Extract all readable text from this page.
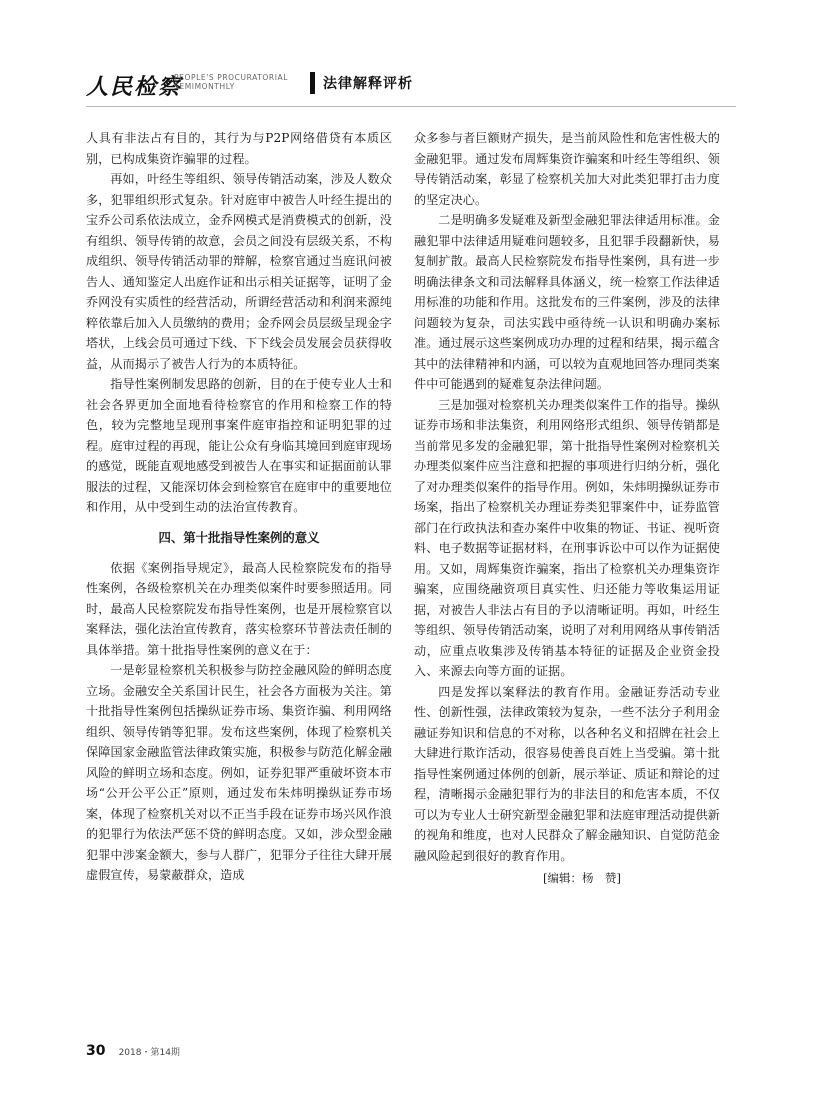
人民检察
PEOPLE'S PROCURATORIAL
SEMIMONTHLY	法律解释评析

人具有非法占有目的，其行为与P2P网络借贷有本质区别，已构成集资诈骗罪的过程。

再如，叶经生等组织、领导传销活动案，涉及人数众多，犯罪组织形式复杂。针对庭审中被告人叶经生提出的宝乔公司系依法成立，金乔网模式是消费模式的创新，没有组织、领导传销的故意，会员之间没有层级关系，不构成组织、领导传销活动罪的辩解，检察官通过当庭讯问被告人、通知鉴定人出庭作证和出示相关证据等，证明了金乔网没有实质性的经营活动，所谓经营活动和利润来源纯粹依靠后加入人员缴纳的费用；金乔网会员层级呈现金字塔状，上线会员可通过下线、下下线会员发展会员获得收益，从而揭示了被告人行为的本质特征。

指导性案例制发思路的创新，目的在于使专业人士和社会各界更加全面地看待检察官的作用和检察工作的特色，较为完整地呈现刑事案件庭审指控和证明犯罪的过程。庭审过程的再现，能让公众有身临其境回到庭审现场的感觉，既能直观地感受到被告人在事实和证据面前认罪服法的过程，又能深切体会到检察官在庭审中的重要地位和作用，从中受到生动的法治宣传教育。

四、第十批指导性案例的意义

依据《案例指导规定》，最高人民检察院发布的指导性案例，各级检察机关在办理类似案件时要参照适用。同时，最高人民检察院发布指导性案例，也是开展检察官以案释法，强化法治宣传教育，落实检察环节普法责任制的具体举措。第十批指导性案例的意义在于：

一是彰显检察机关积极参与防控金融风险的鲜明态度立场。金融安全关系国计民生，社会各方面极为关注。第十批指导性案例包括操纵证券市场、集资诈骗、利用网络组织、领导传销等犯罪。发布这些案例，体现了检察机关保障国家金融监管法律政策实施，积极参与防范化解金融风险的鲜明立场和态度。例如，证券犯罪严重破坏资本市场“公开公平公正”原则，通过发布朱炜明操纵证券市场案，体现了检察机关对以不正当手段在证券市场兴风作浪的犯罪行为依法严惩不贷的鲜明态度。又如，涉众型金融犯罪中涉案金额大，参与人群广，犯罪分子往往大肆开展虚假宣传，易蒙蔽群众，造成

众多参与者巨额财产损失，是当前风险性和危害性极大的金融犯罪。通过发布周辉集资诈骗案和叶经生等组织、领导传销活动案，彰显了检察机关加大对此类犯罪打击力度的坚定决心。

二是明确多发疑难及新型金融犯罪法律适用标准。金融犯罪中法律适用疑难问题较多，且犯罪手段翻新快，易复制扩散。最高人民检察院发布指导性案例，具有进一步明确法律条文和司法解释具体涵义，统一检察工作法律适用标准的功能和作用。这批发布的三件案例，涉及的法律问题较为复杂，司法实践中亟待统一认识和明确办案标准。通过展示这些案例成功办理的过程和结果，揭示蕴含其中的法律精神和内涵，可以较为直观地回答办理同类案件中可能遇到的疑难复杂法律问题。

三是加强对检察机关办理类似案件工作的指导。操纵证券市场和非法集资，利用网络形式组织、领导传销都是当前常见多发的金融犯罪，第十批指导性案例对检察机关办理类似案件应当注意和把握的事项进行归纳分析，强化了对办理类似案件的指导作用。例如，朱炜明操纵证券市场案，指出了检察机关办理证券类犯罪案件中，证券监管部门在行政执法和查办案件中收集的物证、书证、视听资料、电子数据等证据材料，在刑事诉讼中可以作为证据使用。又如，周辉集资诈骗案，指出了检察机关办理集资诈骗案，应围绕融资项目真实性、归还能力等收集运用证据，对被告人非法占有目的予以清晰证明。再如，叶经生等组织、领导传销活动案，说明了对利用网络从事传销活动，应重点收集涉及传销基本特征的证据及企业资金投入、来源去向等方面的证据。

四是发挥以案释法的教育作用。金融证券活动专业性、创新性强，法律政策较为复杂，一些不法分子利用金融证券知识和信息的不对称，以各种名义和招牌在社会上大肆进行欺诈活动，很容易使善良百姓上当受骗。第十批指导性案例通过体例的创新，展示举证、质证和辩论的过程，清晰揭示金融犯罪行为的非法目的和危害本质，不仅可以为专业人士研究新型金融犯罪和法庭审理活动提供新的视角和维度，也对人民群众了解金融知识、自觉防范金融风险起到很好的教育作用。

[编辑：杨　赞]
30 2018・第14期
